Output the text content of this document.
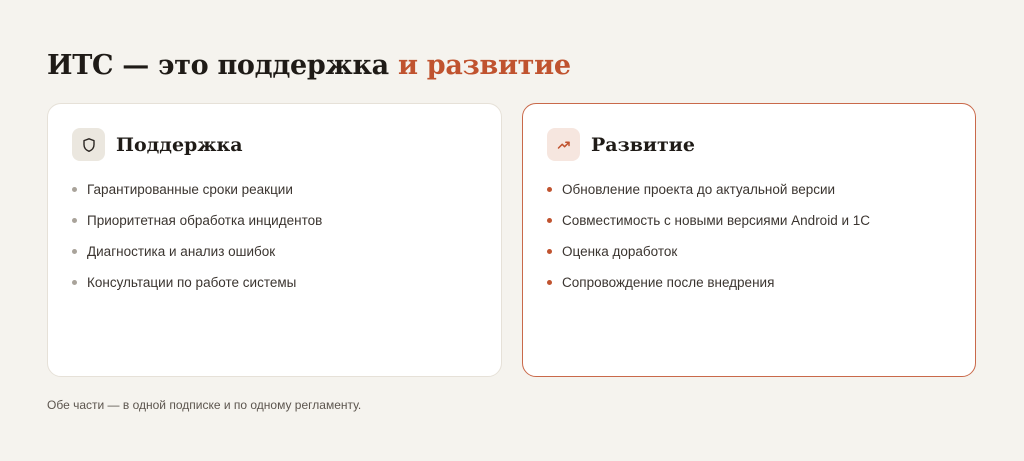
ИТС — это поддержка и развитие
Поддержка
Гарантированные сроки реакции
Приоритетная обработка инцидентов
Диагностика и анализ ошибок
Консультации по работе системы
Развитие
Обновление проекта до актуальной версии
Совместимость с новыми версиями Android и 1С
Оценка доработок
Сопровождение после внедрения
Обе части — в одной подписке и по одному регламенту.
